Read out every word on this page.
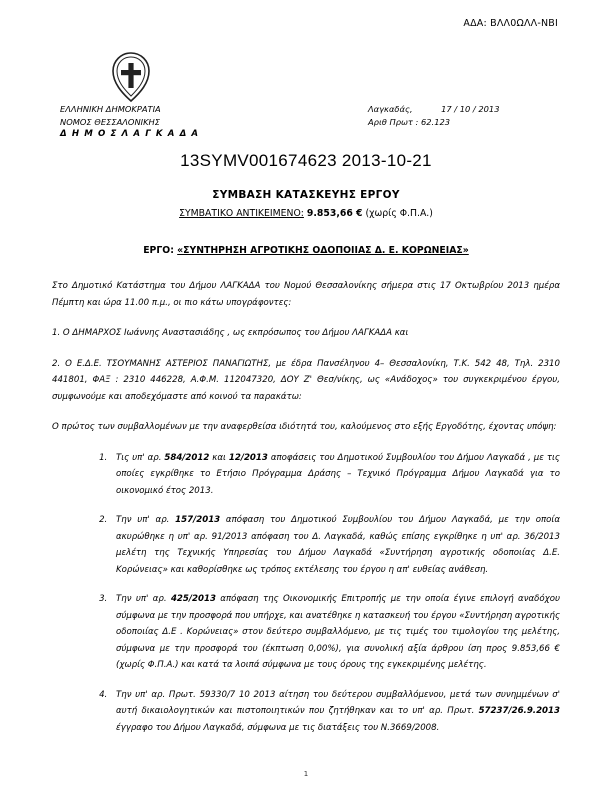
ΑΔΑ: ΒΛΛ0ΩΛΛ-ΝΒΙ
ΕΛΛΗΝΙΚΗ ΔΗΜΟΚΡΑΤΙΑ
ΝΟΜΟΣ ΘΕΣΣΑΛΟΝΙΚΗΣ
Δ Η Μ Ο Σ Λ Α Γ Κ Α Δ Α
Λαγκαδάς,	17 / 10 / 2013
Αριθ Πρωτ : 62.123
13SYMV001674623 2013-10-21
ΣΥΜΒΑΣΗ ΚΑΤΑΣΚΕΥΗΣ ΕΡΓΟΥ
ΣΥΜΒΑΤΙΚΟ ΑΝΤΙΚΕΙΜΕΝΟ: 9.853,66 € (χωρίς Φ.Π.Α.)
ΕΡΓΟ: «ΣΥΝΤΗΡΗΣΗ ΑΓΡΟΤΙΚΗΣ ΟΔΟΠΟΙΙΑΣ Δ. Ε. ΚΟΡΩΝΕΙΑΣ»
Στο Δημοτικό Κατάστημα του Δήμου ΛΑΓΚΑΔΑ του Νομού Θεσσαλονίκης σήμερα στις 17 Οκτωβρίου 2013 ημέρα Πέμπτη και ώρα 11.00 π.μ., οι πιο κάτω υπογράφοντες:
1. Ο ΔΗΜΑΡΧΟΣ Ιωάννης Αναστασιάδης , ως εκπρόσωπος του Δήμου ΛΑΓΚΑΔΑ και
2. Ο Ε.Δ.Ε. ΤΣΟΥΜΑΝΗΣ ΑΣΤΕΡΙΟΣ ΠΑΝΑΓΙΩΤΗΣ, με έδρα Πανσέληνου 4– Θεσσαλονίκη, Τ.Κ. 542 48, Τηλ. 2310 441801, ΦΑΞ : 2310 446228, Α.Φ.Μ. 112047320, ΔΟΥ Ζ' Θεσ/νίκης, ως «Ανάδοχος» του συγκεκριμένου έργου, συμφωνούμε και αποδεχόμαστε από κοινού τα παρακάτω:
Ο πρώτος των συμβαλλομένων με την αναφερθείσα ιδιότητά του, καλούμενος στο εξής Εργοδότης, έχοντας υπόψη:
1. Τις υπ' αρ. 584/2012 και 12/2013 αποφάσεις του Δημοτικού Συμβουλίου του Δήμου Λαγκαδά , με τις οποίες εγκρίθηκε το Ετήσιο Πρόγραμμα Δράσης – Τεχνικό Πρόγραμμα Δήμου Λαγκαδά για το οικονομικό έτος 2013.
2. Την υπ' αρ. 157/2013 απόφαση του Δημοτικού Συμβουλίου του Δήμου Λαγκαδά, με την οποία ακυρώθηκε η υπ' αρ. 91/2013 απόφαση του Δ. Λαγκαδά, καθώς επίσης εγκρίθηκε η υπ' αρ. 36/2013 μελέτη της Τεχνικής Υπηρεσίας του Δήμου Λαγκαδά «Συντήρηση αγροτικής οδοποιίας Δ.Ε. Κορώνειας» και καθορίσθηκε ως τρόπος εκτέλεσης του έργου η απ' ευθείας ανάθεση.
3. Την υπ' αρ. 425/2013 απόφαση της Οικονομικής Επιτροπής με την οποία έγινε επιλογή αναδόχου σύμφωνα με την προσφορά που υπήρχε, και ανατέθηκε η κατασκευή του έργου «Συντήρηση αγροτικής οδοποιίας Δ.Ε . Κορώνειας» στον δεύτερο συμβαλλόμενο, με τις τιμές του τιμολογίου της μελέτης, σύμφωνα με την προσφορά του (έκπτωση 0,00%), για συνολική αξία άρθρου ίση προς 9.853,66 € (χωρίς Φ.Π.Α.) και κατά τα λοιπά σύμφωνα με τους όρους της εγκεκριμένης μελέτης.
4. Την υπ' αρ. Πρωτ. 59330/7 10 2013 αίτηση του δεύτερου συμβαλλόμενου, μετά των συνημμένων σ' αυτή δικαιολογητικών και πιστοποιητικών που ζητήθηκαν και το υπ' αρ. Πρωτ. 57237/26.9.2013 έγγραφο του Δήμου Λαγκαδά, σύμφωνα με τις διατάξεις του Ν.3669/2008.
1
